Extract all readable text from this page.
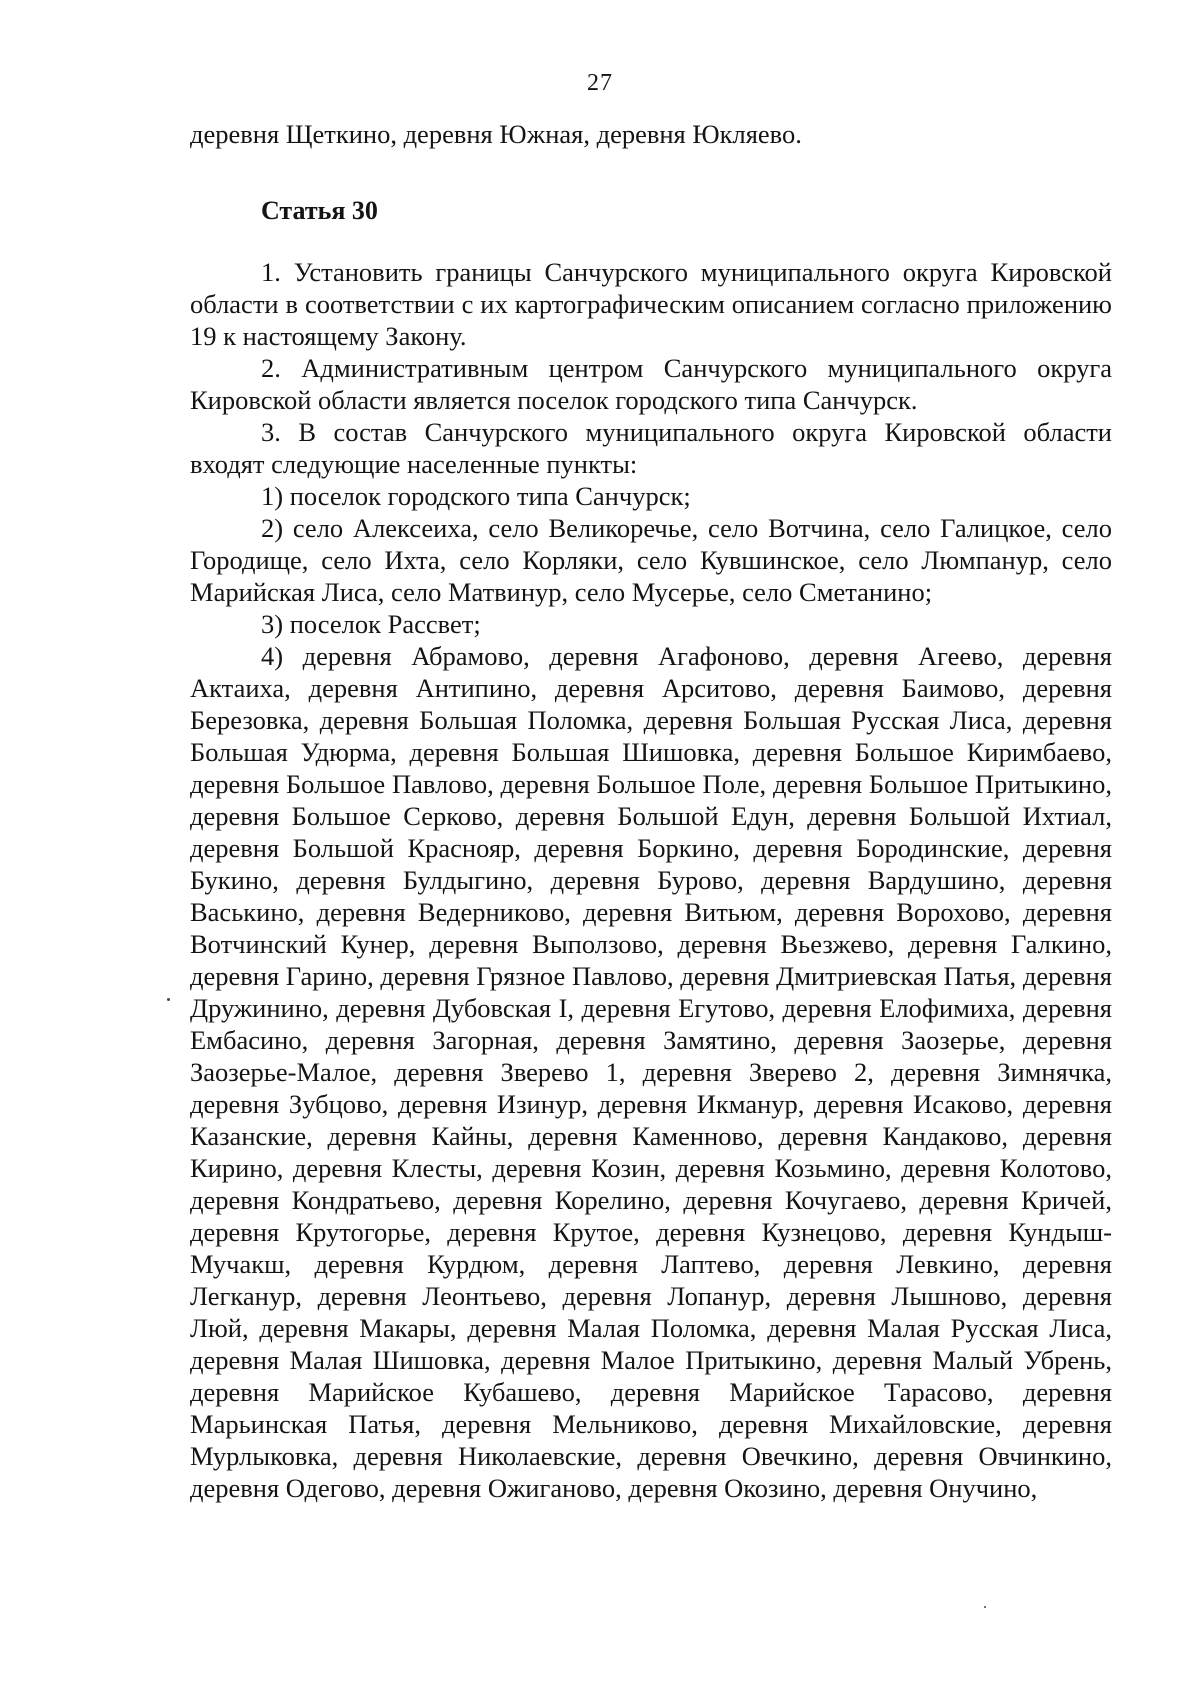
27

деревня Щеткино, деревня Южная, деревня Юкляево.

Статья 30

1. Установить границы Санчурского муниципального округа Кировской области в соответствии с их картографическим описанием согласно приложению 19 к настоящему Закону.

2. Административным центром Санчурского муниципального округа Кировской области является поселок городского типа Санчурск.

3. В состав Санчурского муниципального округа Кировской области входят следующие населенные пункты:

1) поселок городского типа Санчурск;

2) село Алексеиха, село Великоречье, село Вотчина, село Галицкое, село Городище, село Ихта, село Корляки, село Кувшинское, село Люмпанур, село Марийская Лиса, село Матвинур, село Мусерье, село Сметанино;

3) поселок Рассвет;

4) деревня Абрамово, деревня Агафоново, деревня Агеево, деревня Актаиха, деревня Антипино, деревня Арситово, деревня Баимово, деревня Березовка, деревня Большая Поломка, деревня Большая Русская Лиса, деревня Большая Удюрма, деревня Большая Шишовка, деревня Большое Киримбаево, деревня Большое Павлово, деревня Большое Поле, деревня Большое Притыкино, деревня Большое Серково, деревня Большой Едун, деревня Большой Ихтиал, деревня Большой Краснояр, деревня Боркино, деревня Бородинские, деревня Букино, деревня Булдыгино, деревня Бурово, деревня Вардушино, деревня Васькино, деревня Ведерниково, деревня Витьюм, деревня Ворохово, деревня Вотчинский Кунер, деревня Выползово, деревня Вьезжево, деревня Галкино, деревня Гарино, деревня Грязное Павлово, деревня Дмитриевская Патья, деревня Дружинино, деревня Дубовская I, деревня Егутово, деревня Елофимиха, деревня Ембасино, деревня Загорная, деревня Замятино, деревня Заозерье, деревня Заозерье-Малое, деревня Зверево 1, деревня Зверево 2, деревня Зимнячка, деревня Зубцово, деревня Изинур, деревня Икманур, деревня Исаково, деревня Казанские, деревня Кайны, деревня Каменново, деревня Кандаково, деревня Кирино, деревня Клесты, деревня Козин, деревня Козьмино, деревня Колотово, деревня Кондратьево, деревня Корелино, деревня Кочугаево, деревня Кричей, деревня Крутогорье, деревня Крутое, деревня Кузнецово, деревня Кундыш-Мучакш, деревня Курдюм, деревня Лаптево, деревня Левкино, деревня Легканур, деревня Леонтьево, деревня Лопанур, деревня Лышново, деревня Люй, деревня Макары, деревня Малая Поломка, деревня Малая Русская Лиса, деревня Малая Шишовка, деревня Малое Притыкино, деревня Малый Убрень, деревня Марийское Кубашево, деревня Марийское Тарасово, деревня Марьинская Патья, деревня Мельниково, деревня Михайловские, деревня Мурлыковка, деревня Николаевские, деревня Овечкино, деревня Овчинкино, деревня Одегово, деревня Ожиганово, деревня Окозино, деревня Онучино,
